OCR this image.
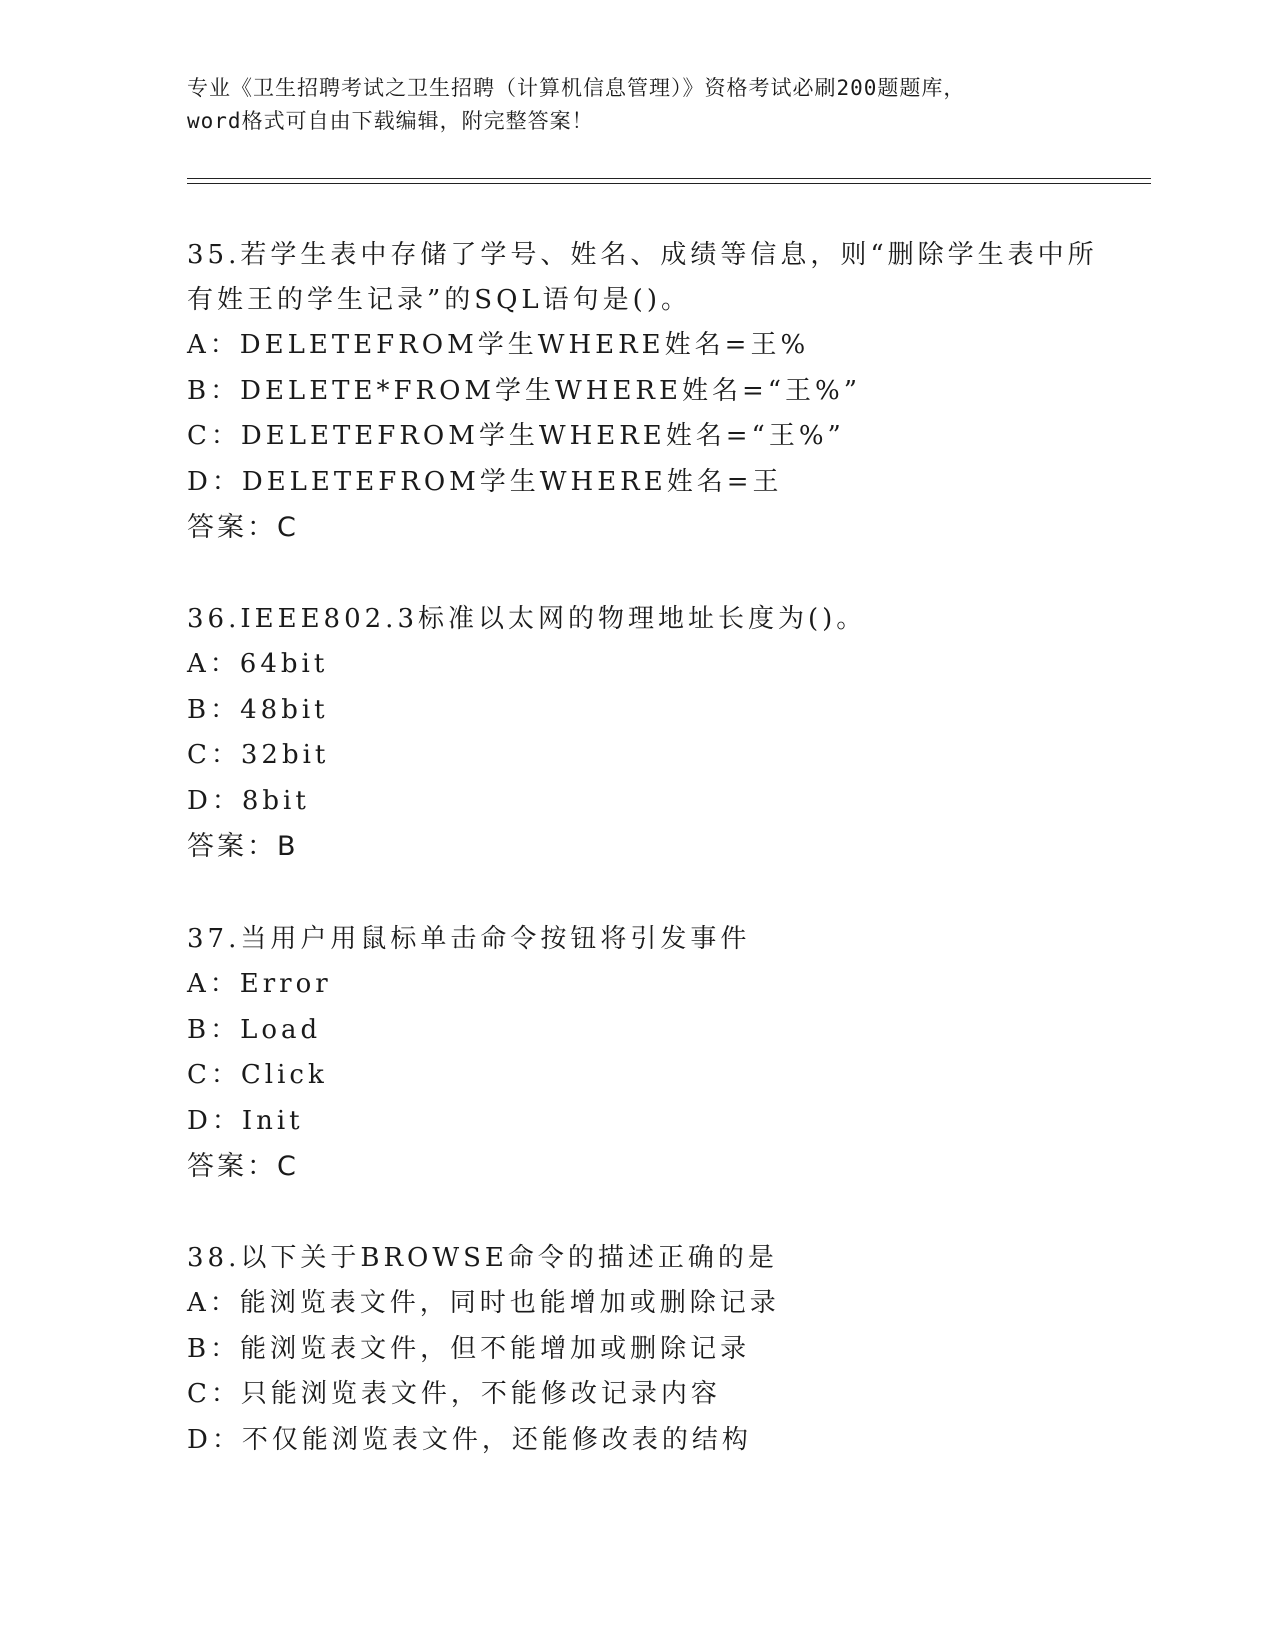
专业《卫生招聘考试之卫生招聘（计算机信息管理）》资格考试必刷200题题库，
word格式可自由下载编辑，附完整答案！
35.若学生表中存储了学号、姓名、成绩等信息，则“删除学生表中所
有姓王的学生记录”的SQL语句是()。
A：DELETEFROM学生WHERE姓名=王%
B：DELETE*FROM学生WHERE姓名=“王%”
C：DELETEFROM学生WHERE姓名=“王%”
D：DELETEFROM学生WHERE姓名=王
答案：C
36.IEEE802.3标准以太网的物理地址长度为()。
A：64bit
B：48bit
C：32bit
D：8bit
答案：B
37.当用户用鼠标单击命令按钮将引发事件
A：Error
B：Load
C：Click
D：Init
答案：C
38.以下关于BROWSE命令的描述正确的是
A：能浏览表文件，同时也能增加或删除记录
B：能浏览表文件，但不能增加或删除记录
C：只能浏览表文件，不能修改记录内容
D：不仅能浏览表文件，还能修改表的结构
